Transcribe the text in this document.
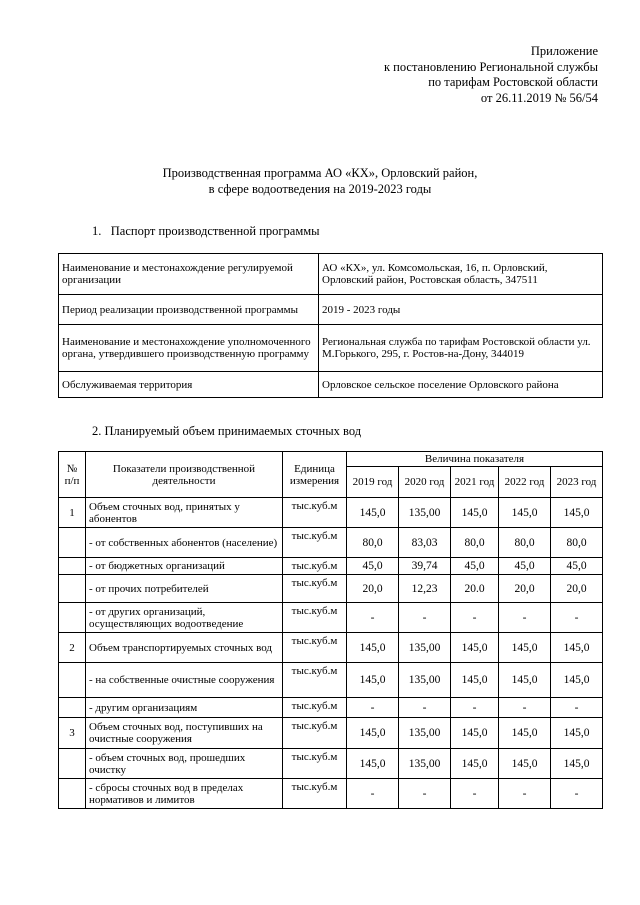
Приложение
к постановлению Региональной службы
по тарифам Ростовской области
от 26.11.2019 № 56/54
Производственная программа АО «КХ», Орловский район,
в сфере водоотведения на 2019-2023 годы
1.   Паспорт производственной программы
Наименование и местонахождение регулируемой организации	АО «КХ», ул. Комсомольская, 16, п. Орловский, Орловский район, Ростовская область, 347511
Период реализации производственной программы	2019 - 2023 годы
Наименование и местонахождение уполномоченного органа, утвердившего производственную программу	Региональная служба по тарифам Ростовской области ул. М.Горького, 295, г. Ростов-на-Дону, 344019
Обслуживаемая территория	Орловское сельское поселение Орловского района
2. Планируемый объем принимаемых сточных вод
№ п/п	Показатели производственной деятельности	Единица измерения	Величина показателя				
			2019 год	2020 год	2021 год	2022 год	2023 год
1	Объем сточных вод, принятых у абонентов	тыс.куб.м	145,0	135,00	145,0	145,0	145,0
	- от собственных абонентов (население)	тыс.куб.м	80,0	83,03	80,0	80,0	80,0
	- от бюджетных организаций	тыс.куб.м	45,0	39,74	45,0	45,0	45,0
	- от прочих потребителей	тыс.куб.м	20,0	12,23	20.0	20,0	20,0
	- от других организаций, осуществляющих водоотведение	тыс.куб.м	-	-	-	-	-
2	Объем транспортируемых сточных вод	тыс.куб.м	145,0	135,00	145,0	145,0	145,0
	- на собственные очистные сооружения	тыс.куб.м	145,0	135,00	145,0	145,0	145,0
	- другим организациям	тыс.куб.м	-	-	-	-	-
3	Объем сточных вод, поступивших на очистные сооружения	тыс.куб.м	145,0	135,00	145,0	145,0	145,0
	- объем сточных вод, прошедших очистку	тыс.куб.м	145,0	135,00	145,0	145,0	145,0
	- сбросы сточных вод в пределах нормативов и лимитов	тыс.куб.м	-	-	-	-	-
